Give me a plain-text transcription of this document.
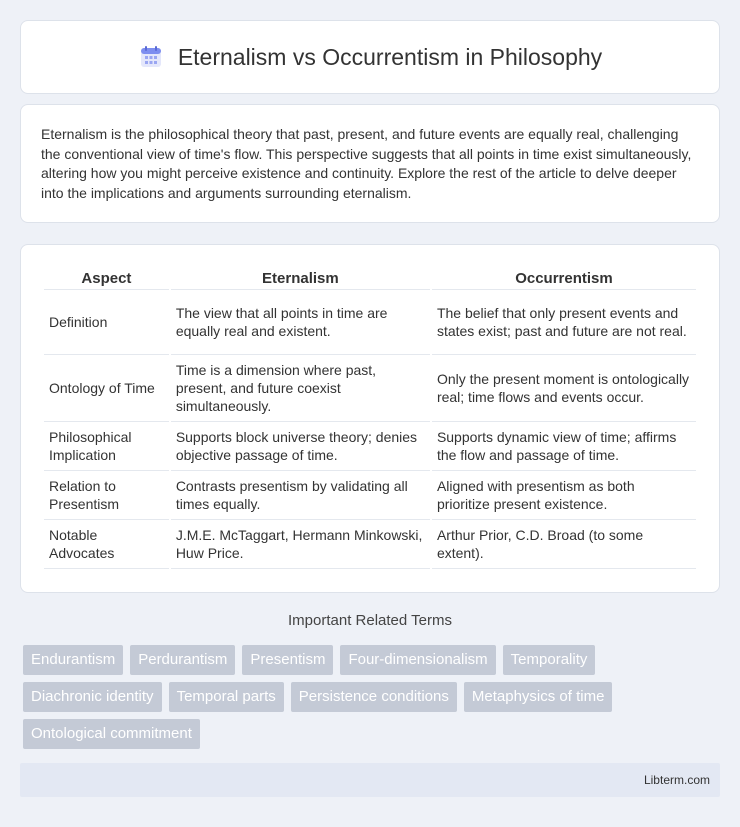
Eternalism vs Occurrentism in Philosophy

Eternalism is the philosophical theory that past, present, and future events are equally real, challenging the conventional view of time's flow. This perspective suggests that all points in time exist simultaneously, altering how you might perceive existence and continuity. Explore the rest of the article to delve deeper into the implications and arguments surrounding eternalism.

Aspect	Eternalism	Occurrentism
Definition	The view that all points in time are equally real and existent.	The belief that only present events and states exist; past and future are not real.
Ontology of Time	Time is a dimension where past, present, and future coexist simultaneously.	Only the present moment is ontologically real; time flows and events occur.
Philosophical Implication	Supports block universe theory; denies objective passage of time.	Supports dynamic view of time; affirms the flow and passage of time.
Relation to Presentism	Contrasts presentism by validating all times equally.	Aligned with presentism as both prioritize present existence.
Notable Advocates	J.M.E. McTaggart, Hermann Minkowski, Huw Price.	Arthur Prior, C.D. Broad (to some extent).
Important Related Terms
Endurantism	Perdurantism	Presentism	Four-dimensionalism	Temporality
Diachronic identity	Temporal parts	Persistence conditions	Metaphysics of time
Ontological commitment
Libterm.com
